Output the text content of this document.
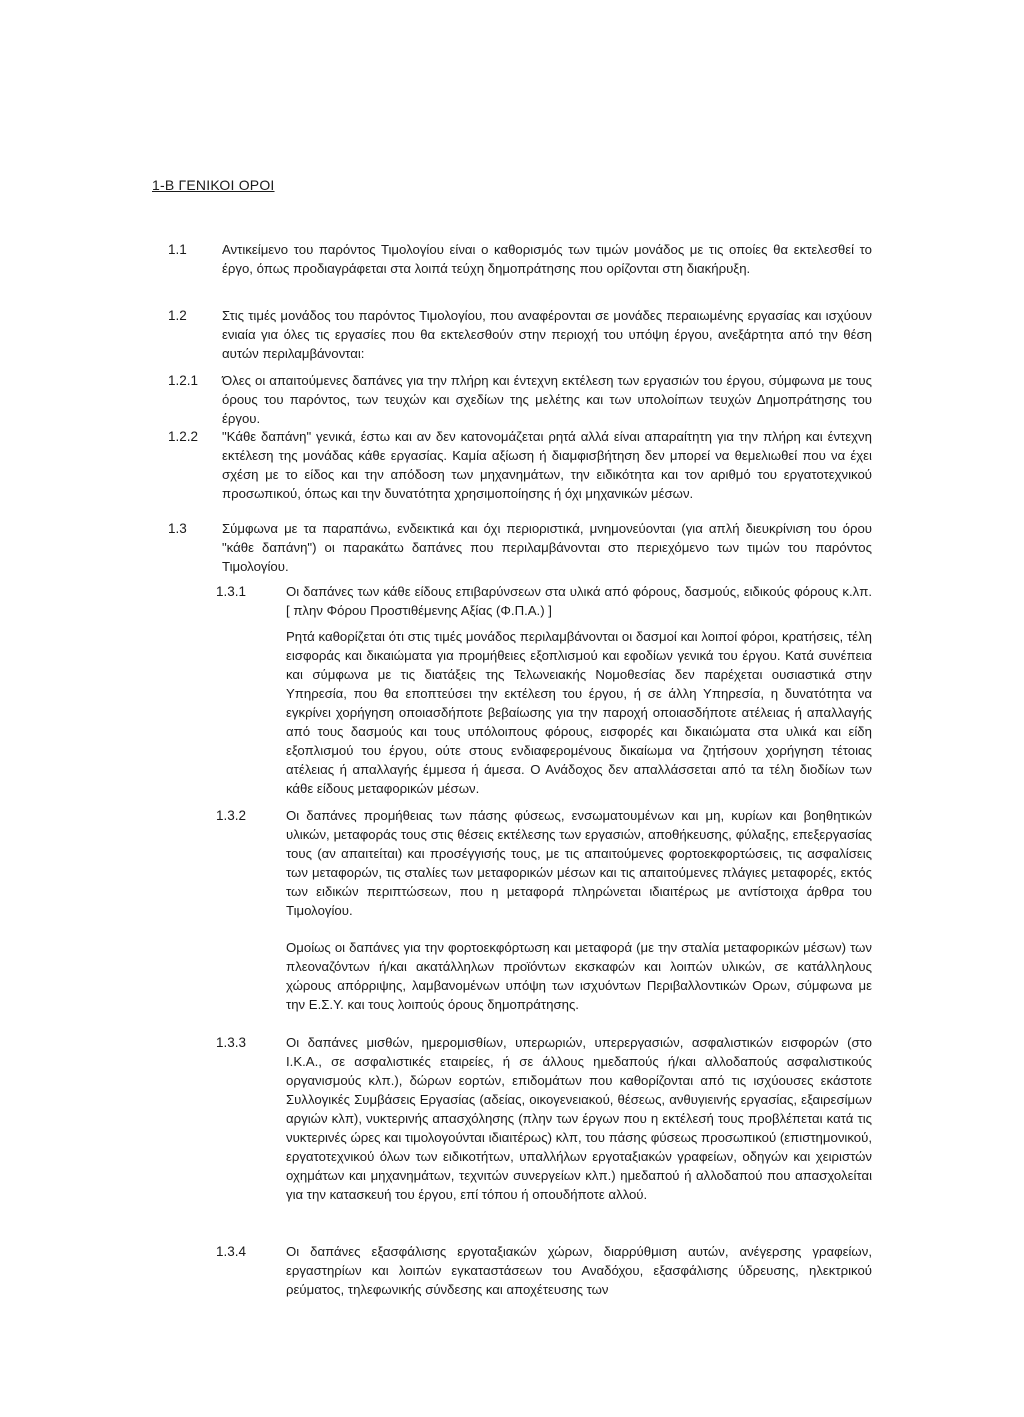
1-Β ΓΕΝΙΚΟΙ ΟΡΟΙ
1.1	Αντικείμενο του παρόντος Τιμολογίου είναι ο καθορισμός των τιμών μονάδος με τις οποίες θα εκτελεσθεί το έργο, όπως προδιαγράφεται στα λοιπά τεύχη δημοπράτησης που ορίζονται στη διακήρυξη.

1.2	Στις τιμές μονάδος του παρόντος Τιμολογίου, που αναφέρονται σε μονάδες περαιωμένης εργασίας και ισχύουν ενιαία για όλες τις εργασίες που θα εκτελεσθούν στην περιοχή του υπόψη έργου, ανεξάρτητα από την θέση αυτών περιλαμβάνονται:

1.2.1 Όλες οι απαιτούμενες δαπάνες για την πλήρη και έντεχνη εκτέλεση των εργασιών του έργου, σύμφωνα με τους όρους του παρόντος, των τευχών και σχεδίων της μελέτης και των υπολοίπων τευχών Δημοπράτησης του έργου.

1.2.2 "Κάθε δαπάνη" γενικά, έστω και αν δεν κατονομάζεται ρητά αλλά είναι απαραίτητη για την πλήρη και έντεχνη εκτέλεση της μονάδας κάθε εργασίας. Καμία αξίωση ή διαμφισβήτηση δεν μπορεί να θεμελιωθεί που να έχει σχέση με το είδος και την απόδοση των μηχανημάτων, την ειδικότητα και τον αριθμό του εργατοτεχνικού προσωπικού, όπως και την δυνατότητα χρησιμοποίησης ή όχι μηχανικών μέσων.

1.3	Σύμφωνα με τα παραπάνω, ενδεικτικά και όχι περιοριστικά, μνημονεύονται (για απλή διευκρίνιση του όρου "κάθε δαπάνη") οι παρακάτω δαπάνες που περιλαμβάνονται στο περιεχόμενο των τιμών του παρόντος Τιμολογίου.

1.3.1	Οι δαπάνες των κάθε είδους επιβαρύνσεων στα υλικά από φόρους, δασμούς, ειδικούς φόρους κ.λπ. [ πλην Φόρου Προστιθέμενης Αξίας (Φ.Π.Α.) ]

Ρητά καθορίζεται ότι στις τιμές μονάδος περιλαμβάνονται οι δασμοί και λοιποί φόροι, κρατήσεις, τέλη εισφοράς και δικαιώματα για προμήθειες εξοπλισμού και εφοδίων γενικά του έργου. Κατά συνέπεια και σύμφωνα με τις διατάξεις της Τελωνειακής Νομοθεσίας δεν παρέχεται ουσιαστικά στην Υπηρεσία, που θα εποπτεύσει την εκτέλεση του έργου, ή σε άλλη Υπηρεσία, η δυνατότητα να εγκρίνει χορήγηση οποιασδήποτε βεβαίωσης για την παροχή οποιασδήποτε ατέλειας ή απαλλαγής από τους δασμούς και τους υπόλοιπους φόρους, εισφορές και δικαιώματα στα υλικά και είδη εξοπλισμού του έργου, ούτε στους ενδιαφερομένους δικαίωμα να ζητήσουν χορήγηση τέτοιας ατέλειας ή απαλλαγής έμμεσα ή άμεσα. Ο Ανάδοχος δεν απαλλάσσεται από τα τέλη διοδίων των κάθε είδους μεταφορικών μέσων.

1.3.2	Οι δαπάνες προμήθειας των πάσης φύσεως, ενσωματουμένων και μη, κυρίων και βοηθητικών υλικών, μεταφοράς τους στις θέσεις εκτέλεσης των εργασιών, αποθήκευσης, φύλαξης, επεξεργασίας τους (αν απαιτείται) και προσέγγισής τους, με τις απαιτούμενες φορτοεκφορτώσεις, τις ασφαλίσεις των μεταφορών, τις σταλίες των μεταφορικών μέσων και τις απαιτούμενες πλάγιες μεταφορές, εκτός των ειδικών περιπτώσεων, που η μεταφορά πληρώνεται ιδιαιτέρως με αντίστοιχα άρθρα του Τιμολογίου.

Ομοίως οι δαπάνες για την φορτοεκφόρτωση και μεταφορά (με την σταλία μεταφορικών μέσων) των πλεοναζόντων ή/και ακατάλληλων προϊόντων εκσκαφών και λοιπών υλικών, σε κατάλληλους χώρους απόρριψης, λαμβανομένων υπόψη των ισχυόντων Περιβαλλοντικών Ορων, σύμφωνα με την Ε.Σ.Υ. και τους λοιπούς όρους δημοπράτησης.

1.3.3	Οι δαπάνες μισθών, ημερομισθίων, υπερωριών, υπερεργασιών, ασφαλιστικών εισφορών (στο Ι.Κ.Α., σε ασφαλιστικές εταιρείες, ή σε άλλους ημεδαπούς ή/και αλλοδαπούς ασφαλιστικούς οργανισμούς κλπ.), δώρων εορτών, επιδομάτων που καθορίζονται από τις ισχύουσες εκάστοτε Συλλογικές Συμβάσεις Εργασίας (αδείας, οικογενειακού, θέσεως, ανθυγιεινής εργασίας, εξαιρεσίμων αργιών κλπ), νυκτερινής απασχόλησης (πλην των έργων που η εκτέλεσή τους προβλέπεται κατά τις νυκτερινές ώρες και τιμολογούνται ιδιαιτέρως) κλπ, του πάσης φύσεως προσωπικού (επιστημονικού, εργατοτεχνικού όλων των ειδικοτήτων, υπαλλήλων εργοταξιακών γραφείων, οδηγών και χειριστών οχημάτων και μηχανημάτων, τεχνιτών συνεργείων κλπ.) ημεδαπού ή αλλοδαπού που απασχολείται για την κατασκευή του έργου, επί τόπου ή οπουδήποτε αλλού.

1.3.4	Οι δαπάνες εξασφάλισης εργοταξιακών χώρων, διαρρύθμιση αυτών, ανέγερσης γραφείων, εργαστηρίων και λοιπών εγκαταστάσεων του Αναδόχου, εξασφάλισης ύδρευσης, ηλεκτρικού ρεύματος, τηλεφωνικής σύνδεσης και αποχέτευσης των
